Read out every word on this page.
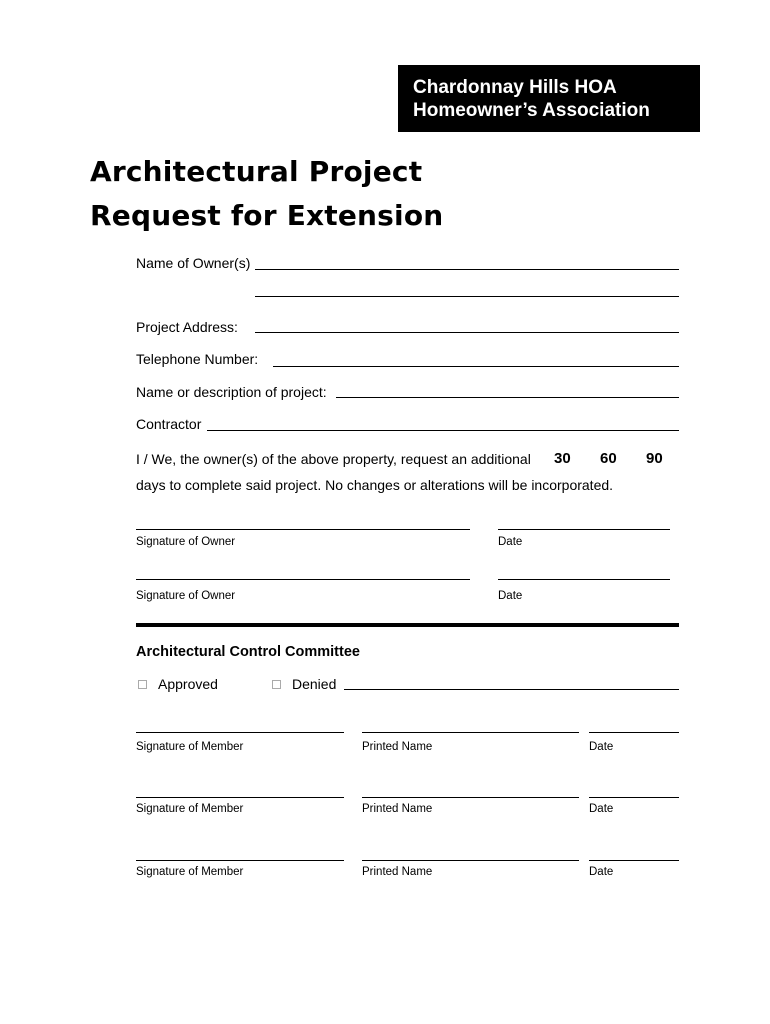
Chardonnay Hills HOA
Homeowner’s Association
Architectural Project
Request for Extension
Name of Owner(s)
Project Address:
Telephone Number:
Name or description of project:
Contractor
I / We, the owner(s) of the above property, request an additional 30 60 90
days to complete said project. No changes or alterations will be incorporated.
Signature of Owner	Date
Signature of Owner	Date
Architectural Control Committee
Approved	Denied
Signature of Member	Printed Name	Date
Signature of Member	Printed Name	Date
Signature of Member	Printed Name	Date
